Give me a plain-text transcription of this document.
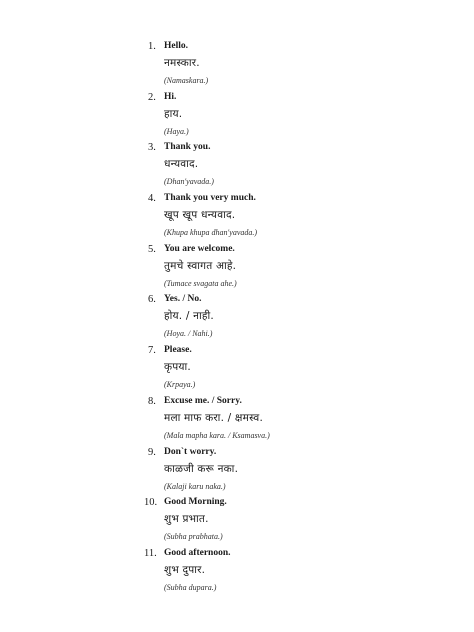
1. Hello.
नमस्कार.
(Namaskara.)
2. Hi.
हाय.
(Haya.)
3. Thank you.
धन्यवाद.
(Dhan'yavada.)
4. Thank you very much.
खूप खूप धन्यवाद.
(Khupa khupa dhan'yavada.)
5. You are welcome.
तुमचे स्वागत आहे.
(Tumace svagata ahe.)
6. Yes. / No.
होय. / नाही.
(Hoya. / Nahi.)
7. Please.
कृपया.
(Krpaya.)
8. Excuse me. / Sorry.
मला माफ करा. / क्षमस्व.
(Mala mapha kara. / Ksamasva.)
9. Don`t worry.
काळजी करू नका.
(Kalaji karu naka.)
10. Good Morning.
शुभ प्रभात.
(Subha prabhata.)
11. Good afternoon.
शुभ दुपार.
(Subha dupara.)
